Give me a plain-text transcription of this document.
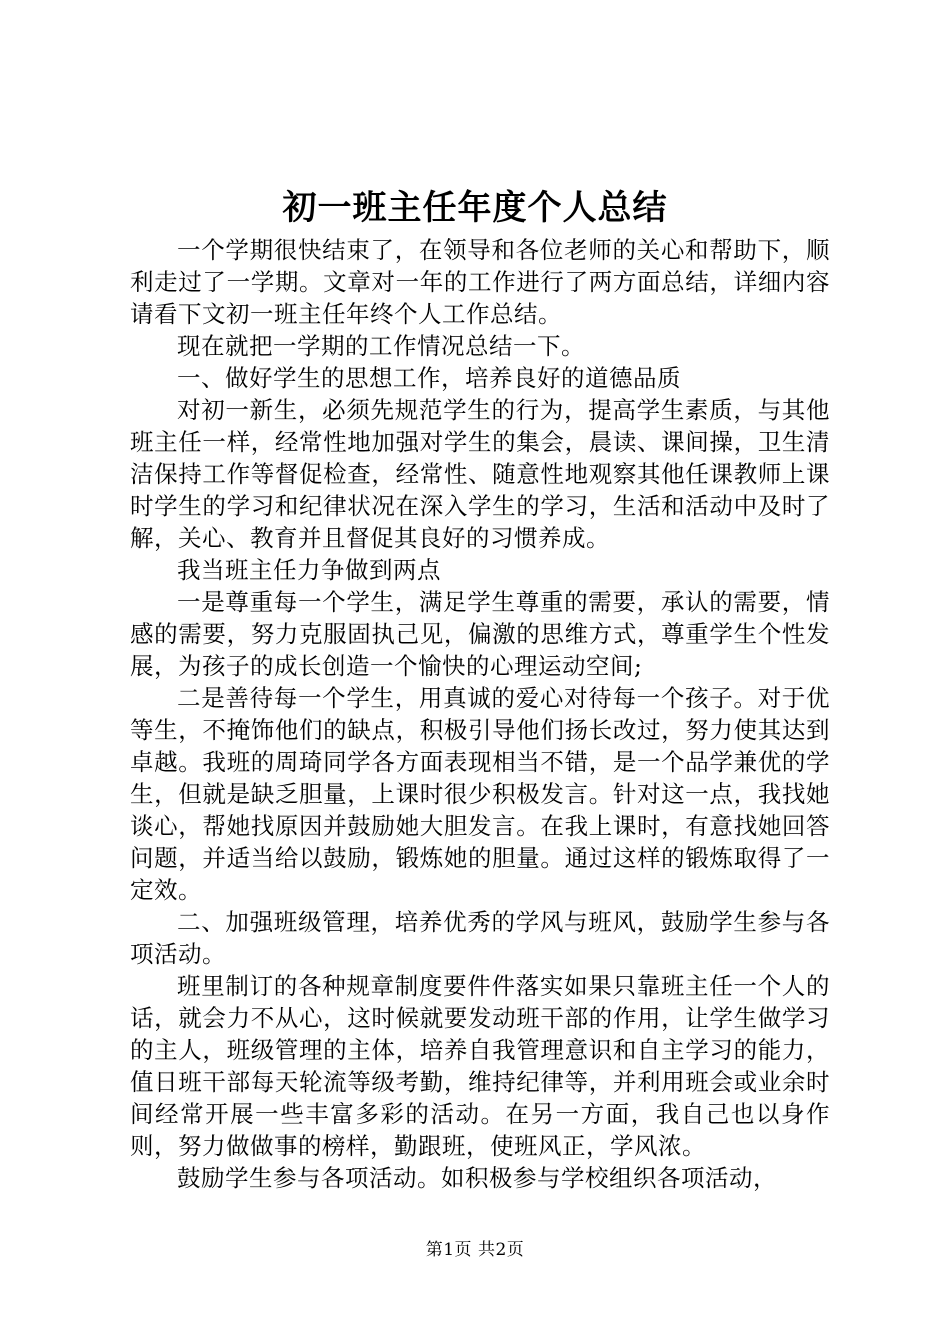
初一班主任年度个人总结

一个学期很快结束了，在领导和各位老师的关心和帮助下，顺利走过了一学期。文章对一年的工作进行了两方面总结，详细内容请看下文初一班主任年终个人工作总结。

现在就把一学期的工作情况总结一下。

一、做好学生的思想工作，培养良好的道德品质

对初一新生，必须先规范学生的行为，提高学生素质，与其他班主任一样，经常性地加强对学生的集会，晨读、课间操，卫生清洁保持工作等督促检查，经常性、随意性地观察其他任课教师上课时学生的学习和纪律状况在深入学生的学习，生活和活动中及时了解，关心、教育并且督促其良好的习惯养成。

我当班主任力争做到两点

一是尊重每一个学生，满足学生尊重的需要，承认的需要，情感的需要，努力克服固执己见，偏激的思维方式，尊重学生个性发展，为孩子的成长创造一个愉快的心理运动空间;

二是善待每一个学生，用真诚的爱心对待每一个孩子。对于优等生，不掩饰他们的缺点，积极引导他们扬长改过，努力使其达到卓越。我班的周琦同学各方面表现相当不错，是一个品学兼优的学生，但就是缺乏胆量，上课时很少积极发言。针对这一点，我找她谈心，帮她找原因并鼓励她大胆发言。在我上课时，有意找她回答问题，并适当给以鼓励，锻炼她的胆量。通过这样的锻炼取得了一定效。

二、加强班级管理，培养优秀的学风与班风，鼓励学生参与各项活动。

班里制订的各种规章制度要件件落实如果只靠班主任一个人的话，就会力不从心，这时候就要发动班干部的作用，让学生做学习的主人，班级管理的主体，培养自我管理意识和自主学习的能力，值日班干部每天轮流等级考勤，维持纪律等，并利用班会或业余时间经常开展一些丰富多彩的活动。在另一方面，我自己也以身作则，努力做做事的榜样，勤跟班，使班风正，学风浓。

鼓励学生参与各项活动。如积极参与学校组织各项活动，

第1页 共2页
